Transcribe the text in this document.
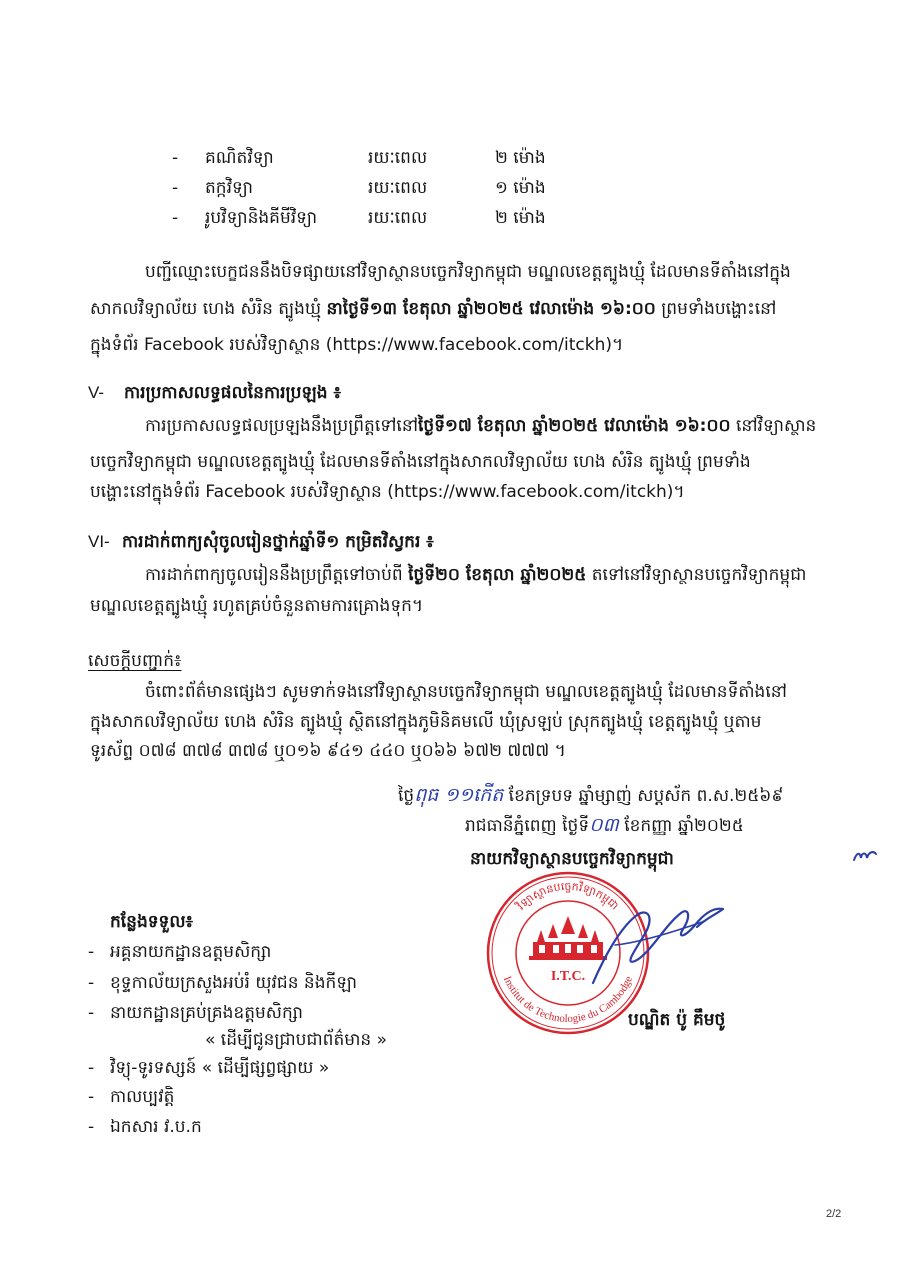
-	គណិតវិទ្យា	រយៈពេល	២ ម៉ោង
-	តក្កវិទ្យា	រយៈពេល	១ ម៉ោង
-	រូបវិទ្យានិងគីមីវិទ្យា	រយៈពេល	២ ម៉ោង
បញ្ជីឈ្មោះបេក្ខជននឹងបិទផ្សាយនៅវិទ្យាស្ថានបច្ចេកវិទ្យាកម្ពុជា មណ្ឌលខេត្តត្បូងឃ្មុំ ដែលមានទីតាំងនៅក្នុង
សាកលវិទ្យាល័យ ហេង សំរិន ត្បូងឃ្មុំ នាថ្ងៃទី១៣ ខែតុលា ឆ្នាំ២០២៥ វេលាម៉ោង ១៦:០០ ព្រមទាំងបង្ហោះនៅ
ក្នុងទំព័រ Facebook របស់វិទ្យាស្ថាន (https://www.facebook.com/itckh)។
V-	ការប្រកាសលទ្ធផលនៃការប្រឡង ៖
ការប្រកាសលទ្ធផលប្រឡងនឹងប្រព្រឹត្តទៅនៅថ្ងៃទី១៧ ខែតុលា ឆ្នាំ២០២៥ វេលាម៉ោង ១៦:០០ នៅវិទ្យាស្ថាន
បច្ចេកវិទ្យាកម្ពុជា មណ្ឌលខេត្តត្បូងឃ្មុំ ដែលមានទីតាំងនៅក្នុងសាកលវិទ្យាល័យ ហេង សំរិន ត្បូងឃ្មុំ ព្រមទាំង
បង្ហោះនៅក្នុងទំព័រ Facebook របស់វិទ្យាស្ថាន (https://www.facebook.com/itckh)។
VI- ការដាក់ពាក្យសុំចូលរៀនថ្នាក់ឆ្នាំទី១ កម្រិតវិស្វករ ៖
ការដាក់ពាក្យចូលរៀននឹងប្រព្រឹត្តទៅចាប់ពី ថ្ងៃទី២០ ខែតុលា ឆ្នាំ២០២៥ តទៅនៅវិទ្យាស្ថានបច្ចេកវិទ្យាកម្ពុជា
មណ្ឌលខេត្តត្បូងឃ្មុំ រហូតគ្រប់ចំនួនតាមការគ្រោងទុក។
សេចក្តីបញ្ជាក់៖
ចំពោះព័ត៌មានផ្សេងៗ សូមទាក់ទងនៅវិទ្យាស្ថានបច្ចេកវិទ្យាកម្ពុជា មណ្ឌលខេត្តត្បូងឃ្មុំ ដែលមានទីតាំងនៅ
ក្នុងសាកលវិទ្យាល័យ ហេង សំរិន ត្បូងឃ្មុំ ស្ថិតនៅក្នុងភូមិនិគមលើ ឃុំស្រឡប់ ស្រុកត្បូងឃ្មុំ ខេត្តត្បូងឃ្មុំ ឬតាម
ទូរស័ព្ទ ០៧៨ ៣៧៨ ៣៧៨ ឬ០១៦ ៩៤១ ៤៤០ ឬ០៦៦ ៦៧២ ៧៧៧ ។
ថ្ងៃពុធ ១១កើត ខែភទ្របទ ឆ្នាំម្សាញ់ សប្តស័ក ព.ស.២៥៦៩
រាជធានីភ្នំពេញ ថ្ងៃទី០៣ ខែកញ្ញា ឆ្នាំ២០២៥
នាយកវិទ្យាស្ថានបច្ចេកវិទ្យាកម្ពុជា
វិទ្យាស្ថានបច្ចេកវិទ្យាកម្ពុជា
Institut de Technologie du Cambodge
I.T.C.
បណ្ឌិត ប៉ូ គឹមថូ
កន្លែងទទួល៖
- អគ្គនាយកដ្ឋានឧត្តមសិក្សា
- ខុទ្ទកាល័យក្រសួងអប់រំ យុវជន និងកីឡា
- នាយកដ្ឋានគ្រប់គ្រងឧត្តមសិក្សា
« ដើម្បីជូនជ្រាបជាព័ត៌មាន »
- វិទ្យុ-ទូរទស្សន៍ « ដើម្បីផ្សព្វផ្សាយ »
- កាលប្បវត្តិ
- ឯកសារ វ.ប.ក
2/2
